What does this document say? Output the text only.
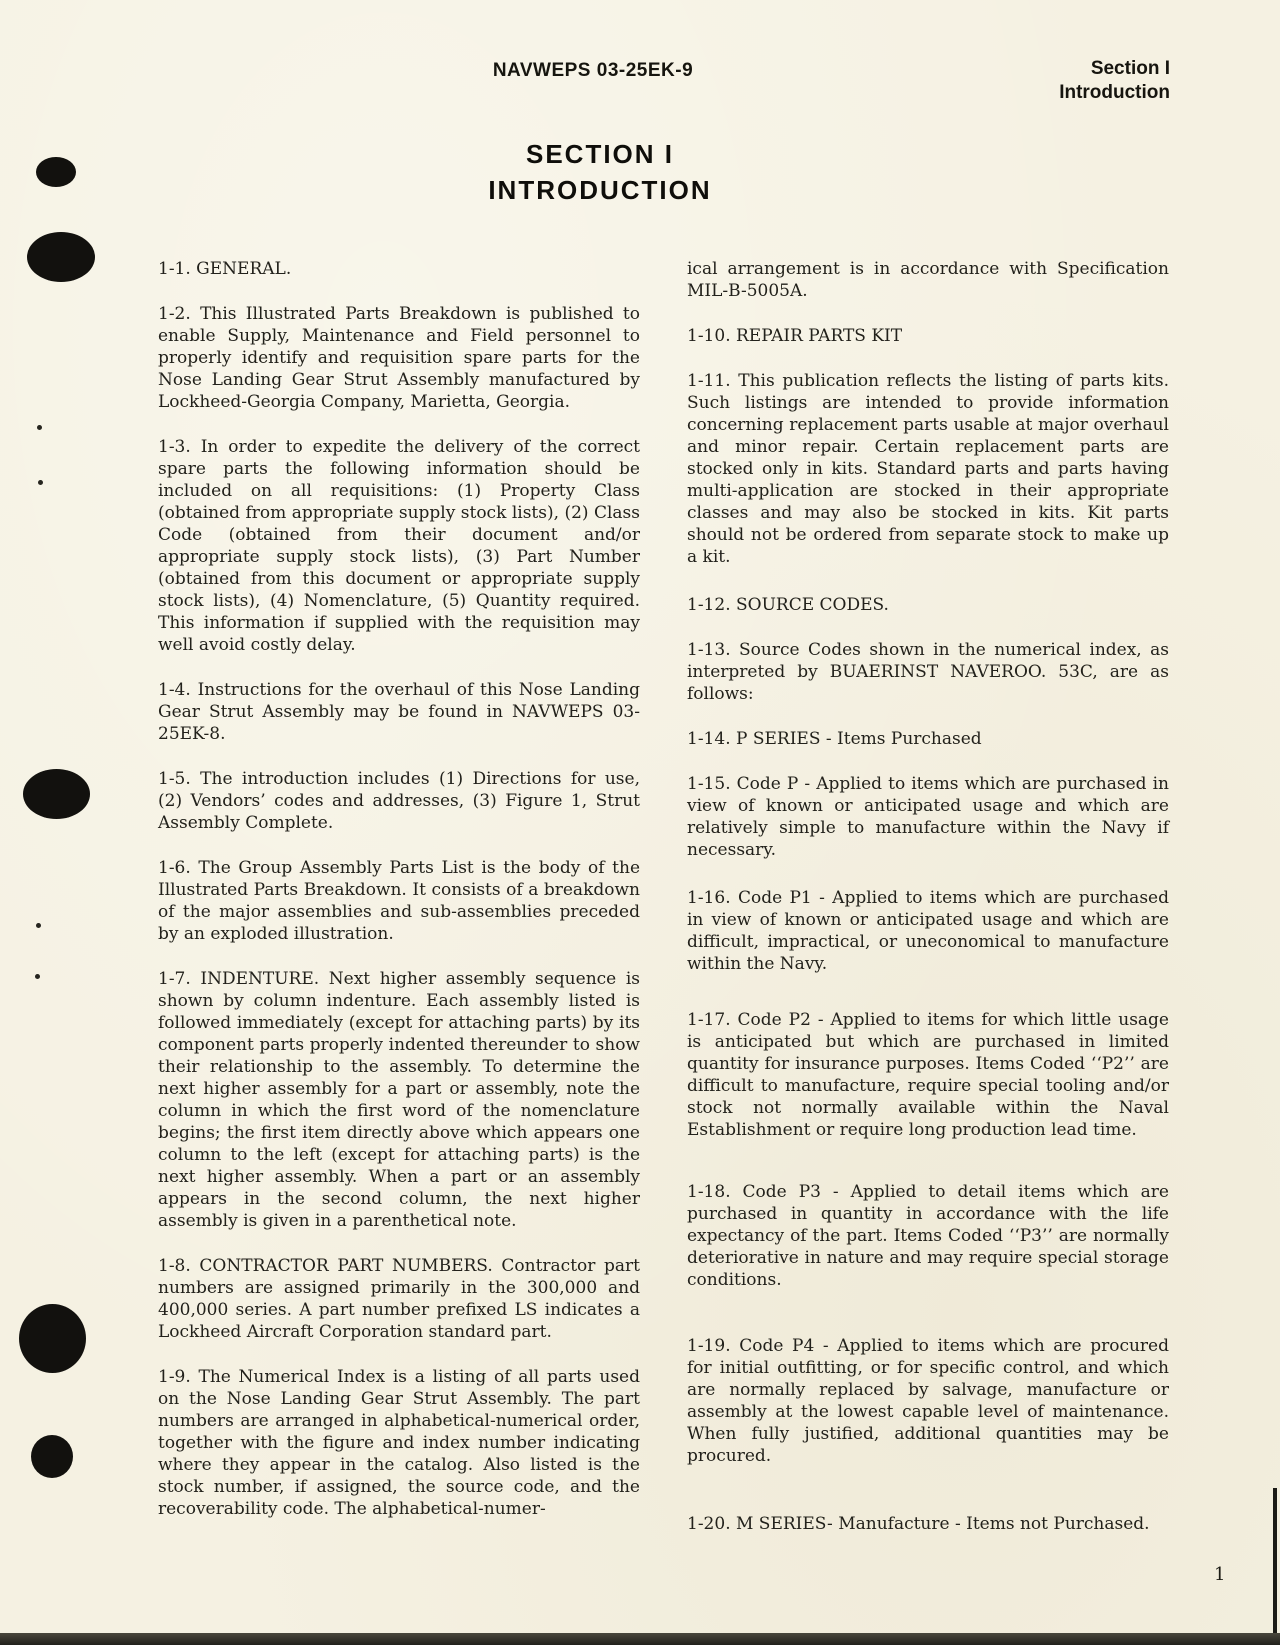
NAVWEPS 03-25EK-9	Section I
Introduction
SECTION I
INTRODUCTION

1-1. GENERAL.

1-2. This Illustrated Parts Breakdown is published to enable Supply, Maintenance and Field personnel to properly identify and requisition spare parts for the Nose Landing Gear Strut Assembly manufactured by Lockheed-Georgia Company, Marietta, Georgia.

1-3. In order to expedite the delivery of the correct spare parts the following information should be included on all requisitions: (1) Property Class (obtained from appropriate supply stock lists), (2) Class Code (obtained from their document and/or appropriate supply stock lists), (3) Part Number (obtained from this document or appropriate supply stock lists), (4) Nomenclature, (5) Quantity required. This information if supplied with the requisition may well avoid costly delay.

1-4. Instructions for the overhaul of this Nose Landing Gear Strut Assembly may be found in NAVWEPS 03-25EK-8.

1-5. The introduction includes (1) Directions for use, (2) Vendors’ codes and addresses, (3) Figure 1, Strut Assembly Complete.

1-6. The Group Assembly Parts List is the body of the Illustrated Parts Breakdown. It consists of a breakdown of the major assemblies and sub-assemblies preceded by an exploded illustration.

1-7. INDENTURE. Next higher assembly sequence is shown by column indenture. Each assembly listed is followed immediately (except for attaching parts) by its component parts properly indented thereunder to show their relationship to the assembly. To determine the next higher assembly for a part or assembly, note the column in which the first word of the nomenclature begins; the first item directly above which appears one column to the left (except for attaching parts) is the next higher assembly. When a part or an assembly appears in the second column, the next higher assembly is given in a parenthetical note.

1-8. CONTRACTOR PART NUMBERS. Contractor part numbers are assigned primarily in the 300,000 and 400,000 series. A part number prefixed LS indicates a Lockheed Aircraft Corporation standard part.

1-9. The Numerical Index is a listing of all parts used on the Nose Landing Gear Strut Assembly. The part numbers are arranged in alphabetical-numerical order, together with the figure and index number indicating where they appear in the catalog. Also listed is the stock number, if assigned, the source code, and the recoverability code. The alphabetical-numer-

ical arrangement is in accordance with Specification MIL-B-5005A.

1-10. REPAIR PARTS KIT

1-11. This publication reflects the listing of parts kits. Such listings are intended to provide information concerning replacement parts usable at major overhaul and minor repair. Certain replacement parts are stocked only in kits. Standard parts and parts having multi-application are stocked in their appropriate classes and may also be stocked in kits. Kit parts should not be ordered from separate stock to make up a kit.

1-12. SOURCE CODES.

1-13. Source Codes shown in the numerical index, as interpreted by BUAERINST NAVEROO. 53C, are as follows:

1-14. P SERIES - Items Purchased

1-15. Code P - Applied to items which are purchased in view of known or anticipated usage and which are relatively simple to manufacture within the Navy if necessary.

1-16. Code P1 - Applied to items which are purchased in view of known or anticipated usage and which are difficult, impractical, or uneconomical to manufacture within the Navy.

1-17. Code P2 - Applied to items for which little usage is anticipated but which are purchased in limited quantity for insurance purposes. Items Coded ‘‘P2’’ are difficult to manufacture, require special tooling and/or stock not normally available within the Naval Establishment or require long production lead time.

1-18. Code P3 - Applied to detail items which are purchased in quantity in accordance with the life expectancy of the part. Items Coded ‘‘P3’’ are normally deteriorative in nature and may require special storage conditions.

1-19. Code P4 - Applied to items which are procured for initial outfitting, or for specific control, and which are normally replaced by salvage, manufacture or assembly at the lowest capable level of maintenance. When fully justified, additional quantities may be procured.

1-20. M SERIES- Manufacture - Items not Purchased.

1
